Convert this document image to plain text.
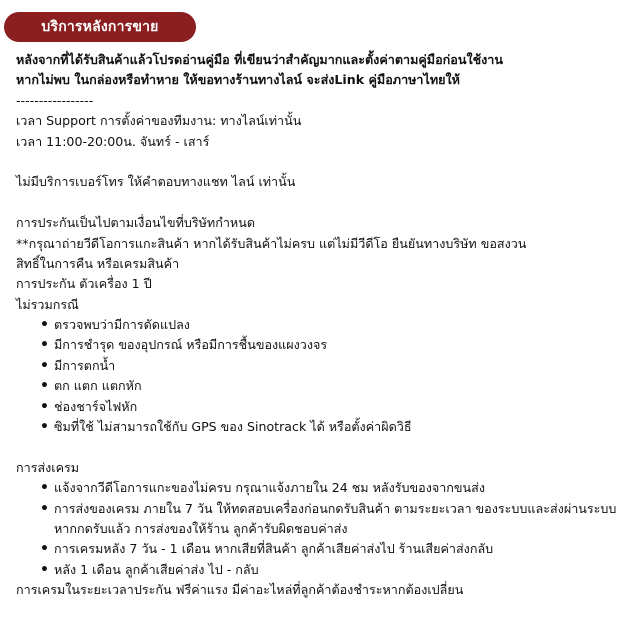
บริการหลังการขาย
หลังจากที่ได้รับสินค้าแล้วโปรดอ่านคู่มือ ที่เขียนว่าสำคัญมากและตั้งค่าตามคู่มือก่อนใช้งาน
หากไม่พบ ในกล่องหรือทำหาย ให้ขอทางร้านทางไลน์ จะส่งLink คู่มือภาษาไทยให้
-----------------
เวลา Support การตั้งค่าของทีมงาน: ทางไลน์เท่านั้น
เวลา 11:00-20:00น. จันทร์ - เสาร์
ไม่มีบริการเบอร์โทร ให้คำตอบทางแชท ไลน์ เท่านั้น
การประกันเป็นไปตามเงื่อนไขที่บริษัทกำหนด
**กรุณาถ่ายวีดีโอการแกะสินค้า หากได้รับสินค้าไม่ครบ แต่ไม่มีวีดีโอ ยืนยันทางบริษัท ขอสงวน
สิทธิ์ในการคืน หรือเครมสินค้า
การประกัน ตัวเครื่อง 1 ปี
ไม่รวมกรณี
• ตรวจพบว่ามีการดัดแปลง
• มีการชำรุด ของอุปกรณ์ หรือมีการชื้นของแผงวงจร
• มีการตกน้ำ
• ตก แตก แตกหัก
• ช่องชาร์จไฟหัก
• ซิมที่ใช้ ไม่สามารถใช้กับ GPS ของ Sinotrack ได้ หรือตั้งค่าผิดวิธี
การส่งเครม
• แจ้งจากวีดีโอการแกะของไม่ครบ กรุณาแจ้งภายใน 24 ชม หลังรับของจากขนส่ง
• การส่งของเครม ภายใน 7 วัน ให้ทดสอบเครื่องก่อนกดรับสินค้า ตามระยะเวลา ของระบบและส่งผ่านระบบ หากกดรับแล้ว การส่งของให้ร้าน ลูกค้ารับผิดชอบค่าส่ง
• การเครมหลัง 7 วัน - 1 เดือน หากเสียที่สินค้า ลูกค้าเสียค่าส่งไป ร้านเสียค่าส่งกลับ
• หลัง 1 เดือน ลูกค้าเสียค่าส่ง ไป - กลับ
การเครมในระยะเวลาประกัน ฟรีค่าแรง มีค่าอะไหล่ที่ลูกค้าต้องชำระหากต้องเปลี่ยน
